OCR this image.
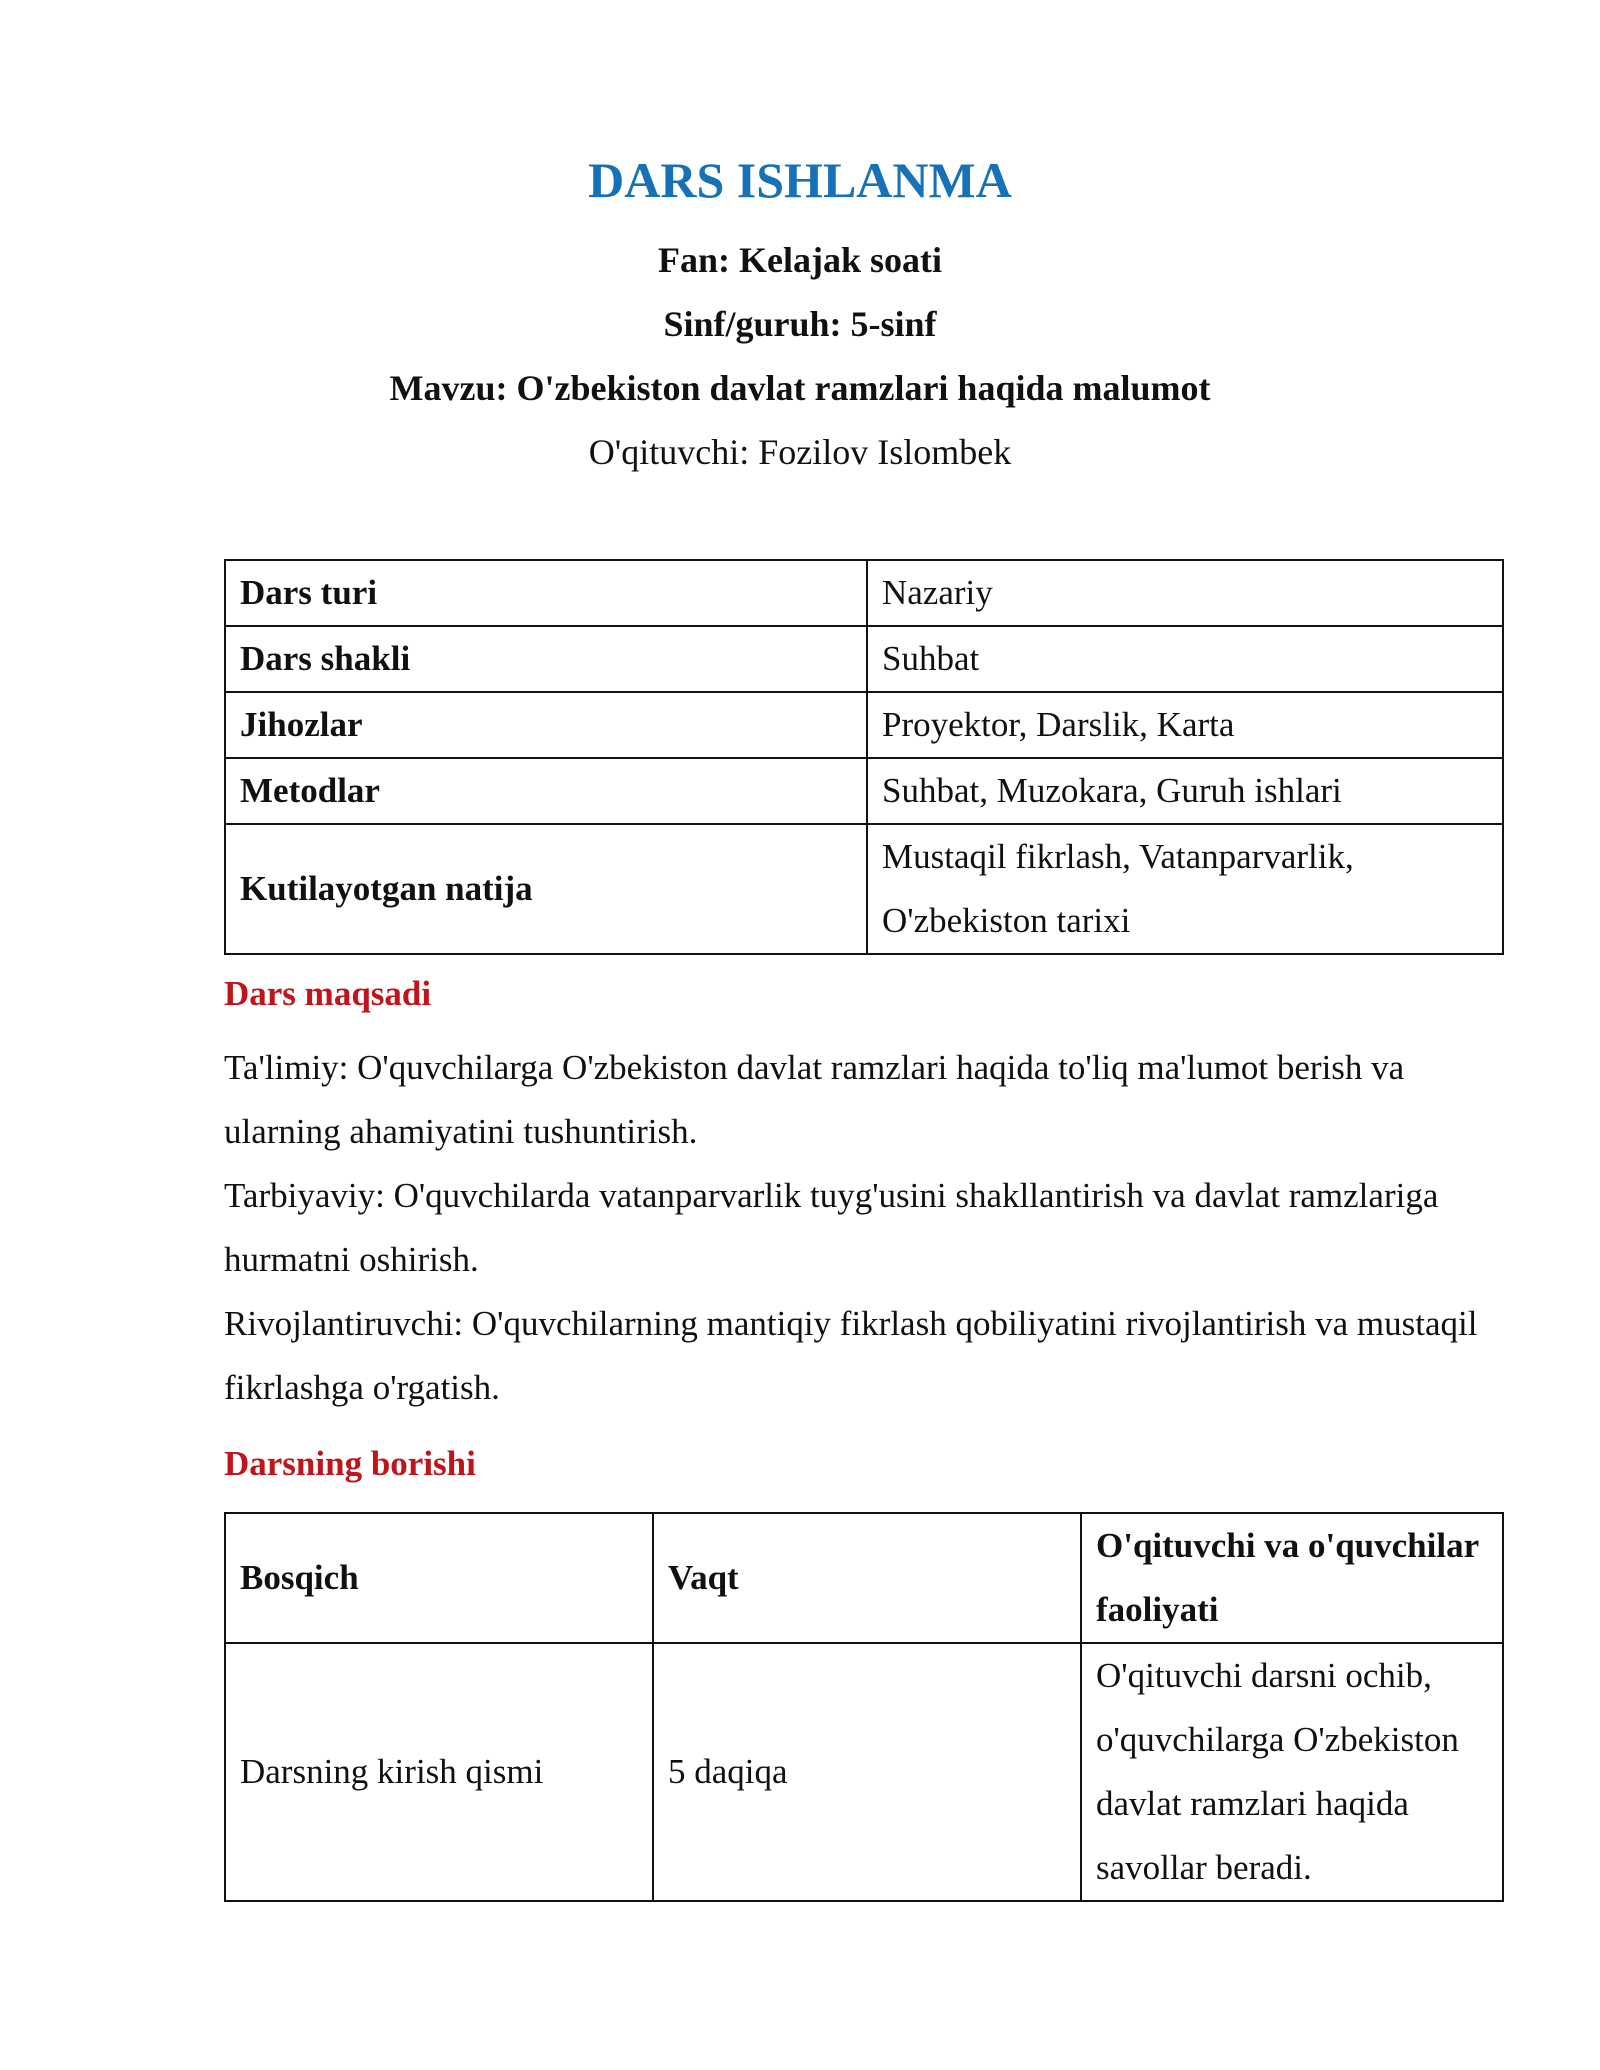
DARS ISHLANMA
Fan: Kelajak soati
Sinf/guruh: 5-sinf
Mavzu: O'zbekiston davlat ramzlari haqida malumot
O'qituvchi: Fozilov Islombek
Dars turi	Nazariy
Dars shakli	Suhbat
Jihozlar	Proyektor, Darslik, Karta
Metodlar	Suhbat, Muzokara, Guruh ishlari
Kutilayotgan natija	Mustaqil fikrlash, Vatanparvarlik,
O'zbekiston tarixi
Dars maqsadi

Ta'limiy: O'quvchilarga O'zbekiston davlat ramzlari haqida to'liq ma'lumot berish va ularning ahamiyatini tushuntirish.

Tarbiyaviy: O'quvchilarda vatanparvarlik tuyg'usini shakllantirish va davlat ramzlariga hurmatni oshirish.

Rivojlantiruvchi: O'quvchilarning mantiqiy fikrlash qobiliyatini rivojlantirish va mustaqil fikrlashga o'rgatish.

Darsning borishi
Bosqich	Vaqt	O'qituvchi va o'quvchilar faoliyati
Darsning kirish qismi	5 daqiqa	O'qituvchi darsni ochib, o'quvchilarga O'zbekiston davlat ramzlari haqida savollar beradi.
